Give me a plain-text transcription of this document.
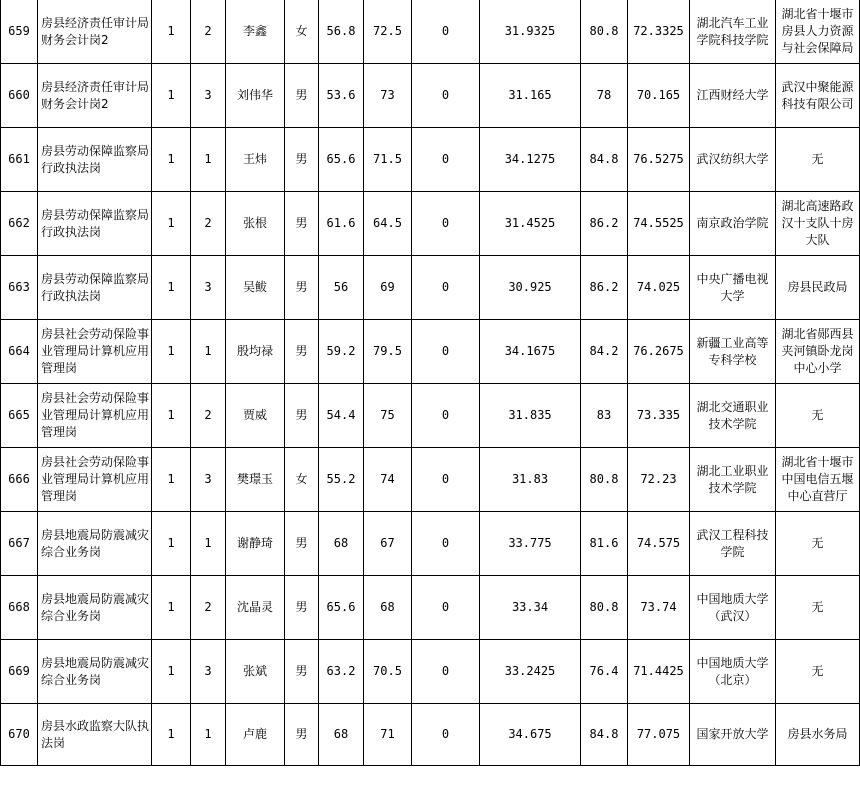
659	房县经济责任审计局财务会计岗2	1	2	李鑫	女	56.8	72.5	0	31.9325	80.8	72.3325	湖北汽车工业学院科技学院	湖北省十堰市房县人力资源与社会保障局
660	房县经济责任审计局财务会计岗2	1	3	刘伟华	男	53.6	73	0	31.165	78	70.165	江西财经大学	武汉中聚能源科技有限公司
661	房县劳动保障监察局行政执法岗	1	1	王炜	男	65.6	71.5	0	34.1275	84.8	76.5275	武汉纺织大学	无
662	房县劳动保障监察局行政执法岗	1	2	张根	男	61.6	64.5	0	31.4525	86.2	74.5525	南京政治学院	湖北高速路政汉十支队十房大队
663	房县劳动保障监察局行政执法岗	1	3	吴鲅	男	56	69	0	30.925	86.2	74.025	中央广播电视大学	房县民政局
664	房县社会劳动保险事业管理局计算机应用管理岗	1	1	殷均禄	男	59.2	79.5	0	34.1675	84.2	76.2675	新疆工业高等专科学校	湖北省郧西县夹河镇卧龙岗中心小学
665	房县社会劳动保险事业管理局计算机应用管理岗	1	2	贾威	男	54.4	75	0	31.835	83	73.335	湖北交通职业技术学院	无
666	房县社会劳动保险事业管理局计算机应用管理岗	1	3	樊璟玉	女	55.2	74	0	31.83	80.8	72.23	湖北工业职业技术学院	湖北省十堰市中国电信五堰中心直营厅
667	房县地震局防震减灾综合业务岗	1	1	谢静琦	男	68	67	0	33.775	81.6	74.575	武汉工程科技学院	无
668	房县地震局防震减灾综合业务岗	1	2	沈晶灵	男	65.6	68	0	33.34	80.8	73.74	中国地质大学（武汉）	无
669	房县地震局防震减灾综合业务岗	1	3	张斌	男	63.2	70.5	0	33.2425	76.4	71.4425	中国地质大学（北京）	无
670	房县水政监察大队执法岗	1	1	卢鹿	男	68	71	0	34.675	84.8	77.075	国家开放大学	房县水务局
